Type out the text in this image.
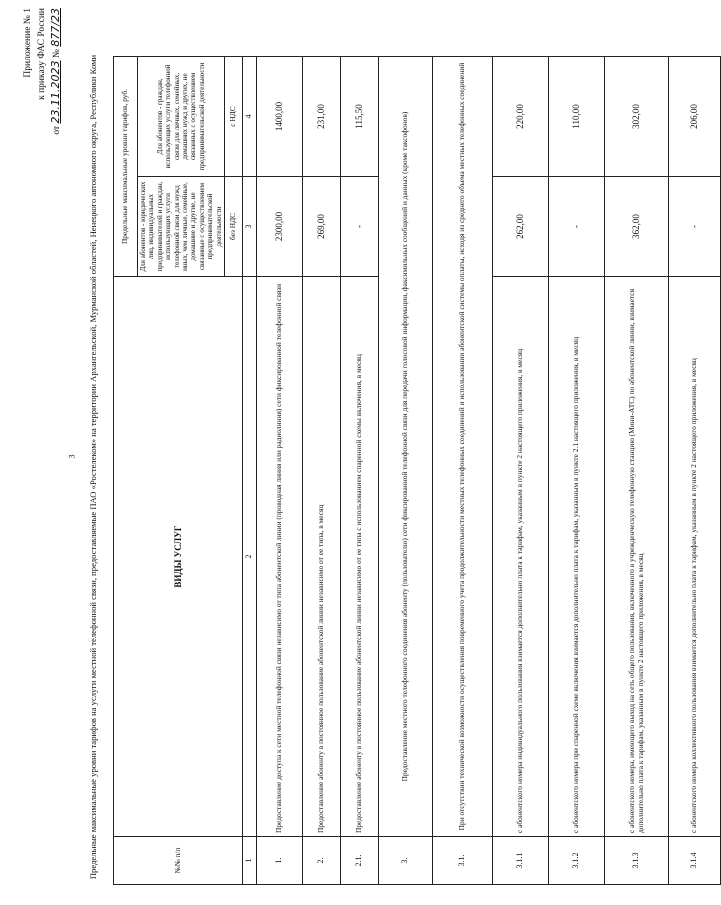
3
Приложение № 1 к приказу ФАС России
от 23.11.2023 № 877/23
Предельные максимальные уровни тарифов на услуги местной телефонной связи, предоставляемые ПАО «Ростелеком» на территории Архангельской, Мурманской областей, Ненецкого автономного округа, Республики Коми	№№ п/п	ВИДЫ УСЛУГ	Предельные максимальные уровни тарифов, руб.	
		Для абонентов - юридических лиц, индивидуальных предпринимателей и граждан, использующих услуги телефонной связи для нужд иных, чем личные, семейные, домашние и другие, не связанные с осуществлением предпринимательской деятельности	Для абонентов - граждан, использующих услуги телефонной связи для личных, семейных, домашних нужд и других, не связанных с осуществлением предпринимательской деятельности
		без НДС	с НДС
1	2	3	4
1.	Предоставление доступа к сети местной телефонной связи независимо от типа абонентской линии (проводная линия или радиолиния) сети фиксированной телефонной связи	2300,00	1400,00
2.	Предоставление абоненту в постоянное пользование абонентской линии независимо от ее типа, в месяц	269,00	231,00
2.1.	Предоставление абоненту в постоянное пользование абонентской линии независимо от ее типа с использованием спаренной схемы включения, в месяц	-	115,50
3.	Предоставление местного телефонного соединения абоненту (пользователю) сети фиксированной телефонной связи для передачи голосовой информации, факсимильных сообщений и данных (кроме таксофонов)		
3.1.	При отсутствии технической возможности осуществления повременного учета продолжительности местных телефонных соединений и использовании абонентской системы оплаты, исходя из среднего объема местных телефонных соединений		
3.1.1	с абонентского номера индивидуального пользования взимается дополнительно плата к тарифам, указанным в пункте 2 настоящего приложения, в месяц	262,00	220,00
3.1.2	с абонентского номера при спаренной схеме включения взимается дополнительно плата к тарифам, указанным в пункте 2.1 настоящего приложения, в месяц	-	110,00
3.1.3	с абонентского номера, имеющего выход на сеть общего пользования, включенного в учрежденческую телефонную станцию (Мини-АТС) по абонентской линии, взимается дополнительно плата к тарифам, указанным в пункте 2 настоящего приложения, в месяц	362,00	302,00
3.1.4	с абонентского номера коллективного пользования взимается дополнительно плата к тарифам, указанным в пункте 2 настоящего приложения, в месяц	-	206,00
